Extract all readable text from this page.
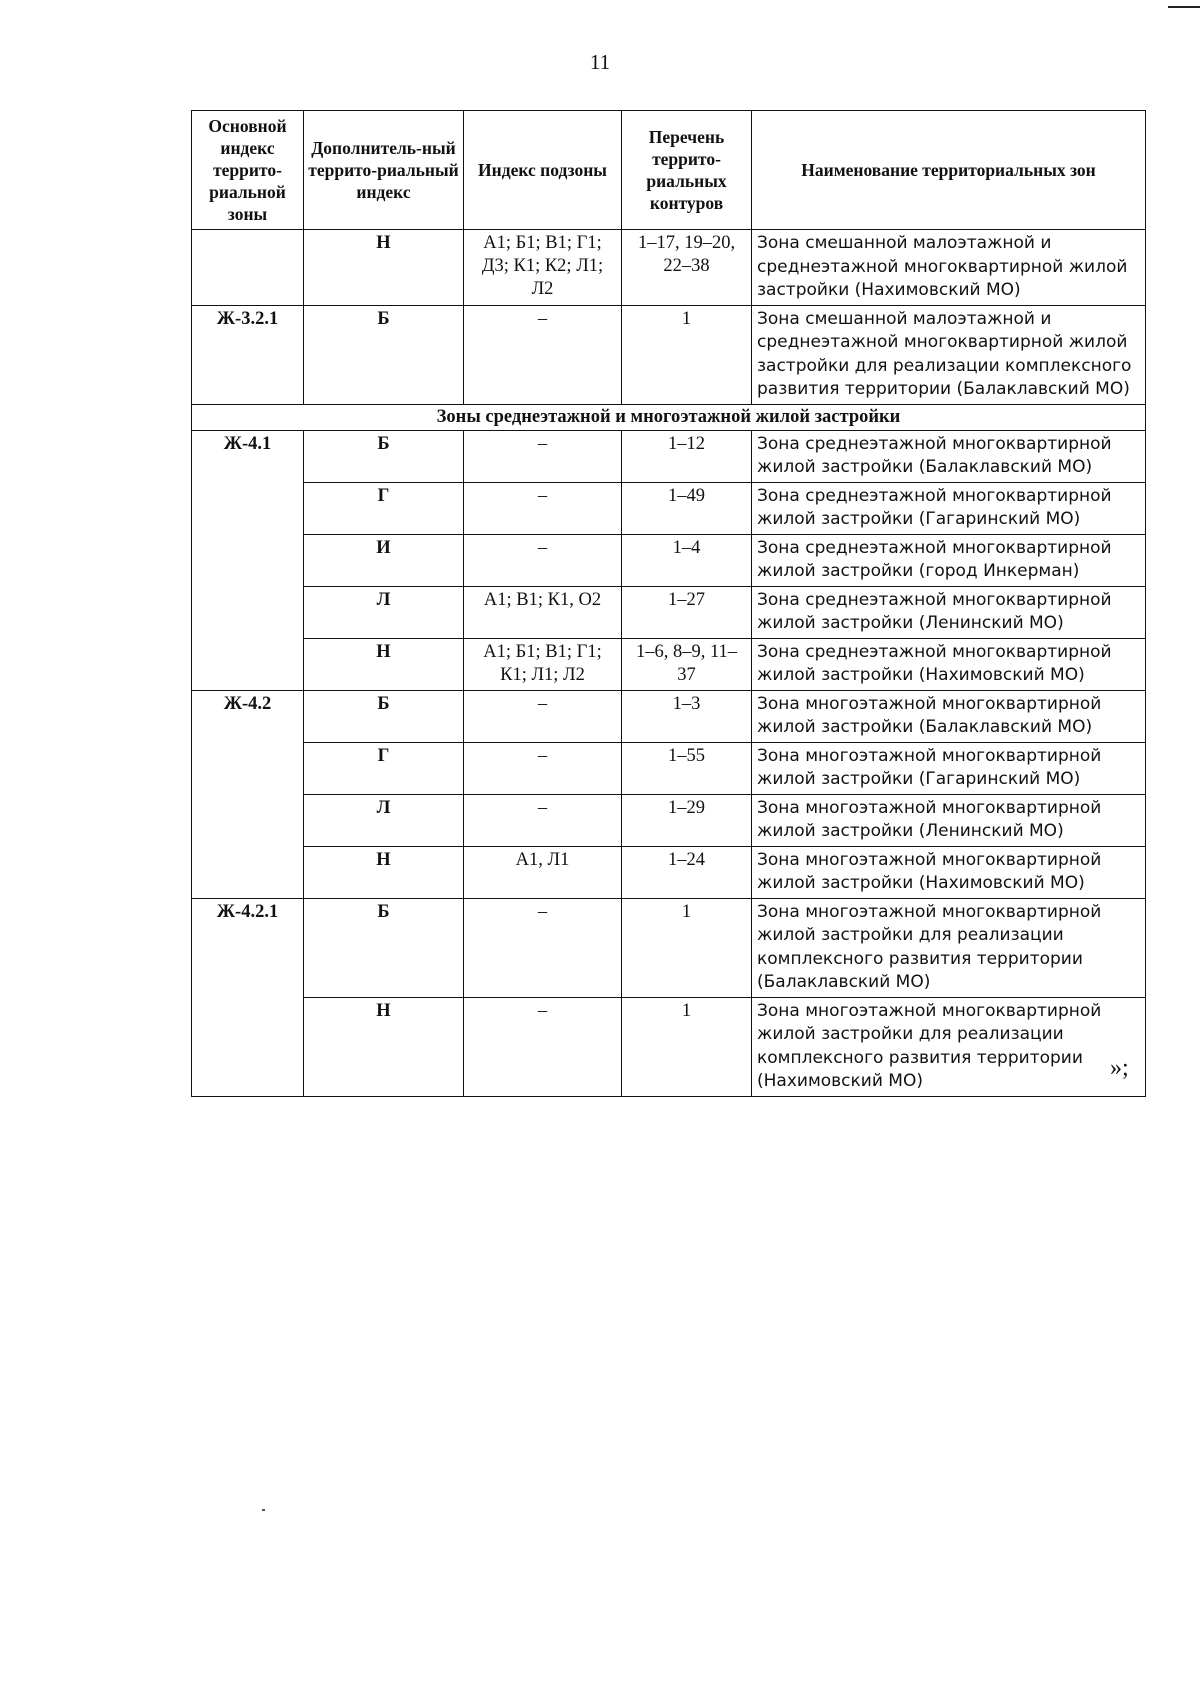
11
Основной индекс террито-риальной зоны	Дополнитель-ный террито-риальный индекс	Индекс подзоны	Перечень террито-риальных контуров	Наименование территориальных зон
	Н	А1; Б1; В1; Г1; Д3; К1; К2; Л1; Л2	1–17, 19–20, 22–38	Зона смешанной малоэтажной и среднеэтажной многоквартирной жилой застройки (Нахимовский МО)
Ж-3.2.1	Б	–	1	Зона смешанной малоэтажной и среднеэтажной многоквартирной жилой застройки для реализации комплексного развития территории (Балаклавский МО)
Зоны среднеэтажной и многоэтажной жилой застройки				
Ж-4.1	Б	–	1–12	Зона среднеэтажной многоквартирной жилой застройки (Балаклавский МО)
	Г	–	1–49	Зона среднеэтажной многоквартирной жилой застройки (Гагаринский МО)
	И	–	1–4	Зона среднеэтажной многоквартирной жилой застройки (город Инкерман)
	Л	А1; В1; К1, О2	1–27	Зона среднеэтажной многоквартирной жилой застройки (Ленинский МО)
	Н	А1; Б1; В1; Г1; К1; Л1; Л2	1–6, 8–9, 11–37	Зона среднеэтажной многоквартирной жилой застройки (Нахимовский МО)
Ж-4.2	Б	–	1–3	Зона многоэтажной многоквартирной жилой застройки (Балаклавский МО)
	Г	–	1–55	Зона многоэтажной многоквартирной жилой застройки (Гагаринский МО)
	Л	–	1–29	Зона многоэтажной многоквартирной жилой застройки (Ленинский МО)
	Н	А1, Л1	1–24	Зона многоэтажной многоквартирной жилой застройки (Нахимовский МО)
Ж-4.2.1	Б	–	1	Зона многоэтажной многоквартирной жилой застройки для реализации комплексного развития территории (Балаклавский МО)
	Н	–	1	Зона многоэтажной многоквартирной жилой застройки для реализации комплексного развития территории (Нахимовский МО)	»;
